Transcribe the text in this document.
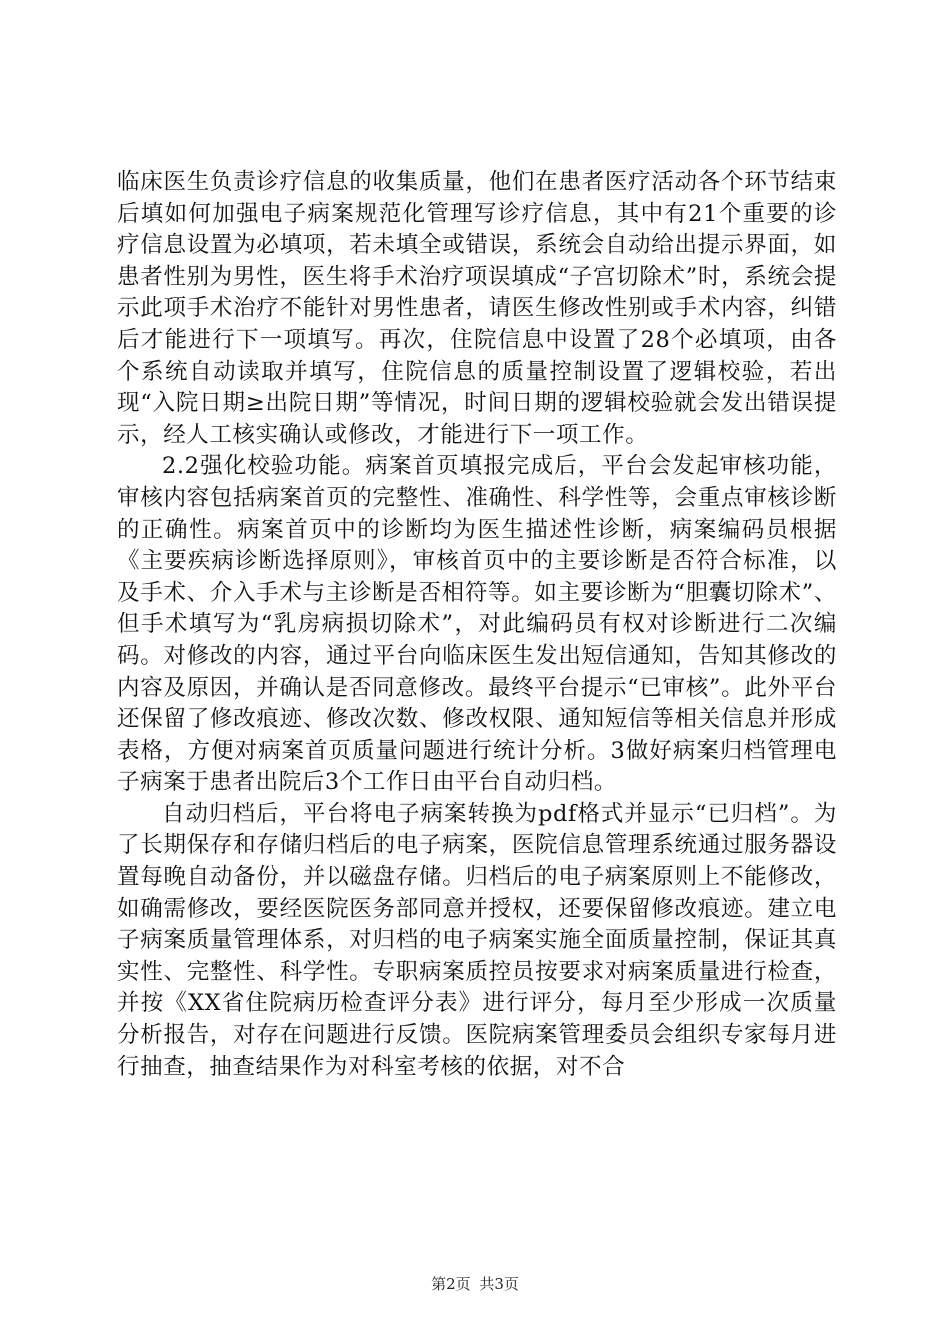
临床医生负责诊疗信息的收集质量，他们在患者医疗活动各个环节结束后填如何加强电子病案规范化管理写诊疗信息，其中有21个重要的诊疗信息设置为必填项，若未填全或错误，系统会自动给出提示界面，如患者性别为男性，医生将手术治疗项误填成“子宫切除术”时，系统会提示此项手术治疗不能针对男性患者，请医生修改性别或手术内容，纠错后才能进行下一项填写。再次，住院信息中设置了28个必填项，由各个系统自动读取并填写，住院信息的质量控制设置了逻辑校验，若出现“入院日期≥出院日期”等情况，时间日期的逻辑校验就会发出错误提示，经人工核实确认或修改，才能进行下一项工作。

2.2强化校验功能。病案首页填报完成后，平台会发起审核功能，审核内容包括病案首页的完整性、准确性、科学性等，会重点审核诊断的正确性。病案首页中的诊断均为医生描述性诊断，病案编码员根据《主要疾病诊断选择原则》，审核首页中的主要诊断是否符合标准，以及手术、介入手术与主诊断是否相符等。如主要诊断为“胆囊切除术”、但手术填写为“乳房病损切除术”，对此编码员有权对诊断进行二次编码。对修改的内容，通过平台向临床医生发出短信通知，告知其修改的内容及原因，并确认是否同意修改。最终平台提示“已审核”。此外平台还保留了修改痕迹、修改次数、修改权限、通知短信等相关信息并形成表格，方便对病案首页质量问题进行统计分析。3做好病案归档管理电子病案于患者出院后3个工作日由平台自动归档。

自动归档后，平台将电子病案转换为pdf格式并显示“已归档”。为了长期保存和存储归档后的电子病案，医院信息管理系统通过服务器设置每晚自动备份，并以磁盘存储。归档后的电子病案原则上不能修改，如确需修改，要经医院医务部同意并授权，还要保留修改痕迹。建立电子病案质量管理体系，对归档的电子病案实施全面质量控制，保证其真实性、完整性、科学性。专职病案质控员按要求对病案质量进行检查，并按《XX省住院病历检查评分表》进行评分，每月至少形成一次质量分析报告，对存在问题进行反馈。医院病案管理委员会组织专家每月进行抽查，抽查结果作为对科室考核的依据，对不合

第2页 共3页
